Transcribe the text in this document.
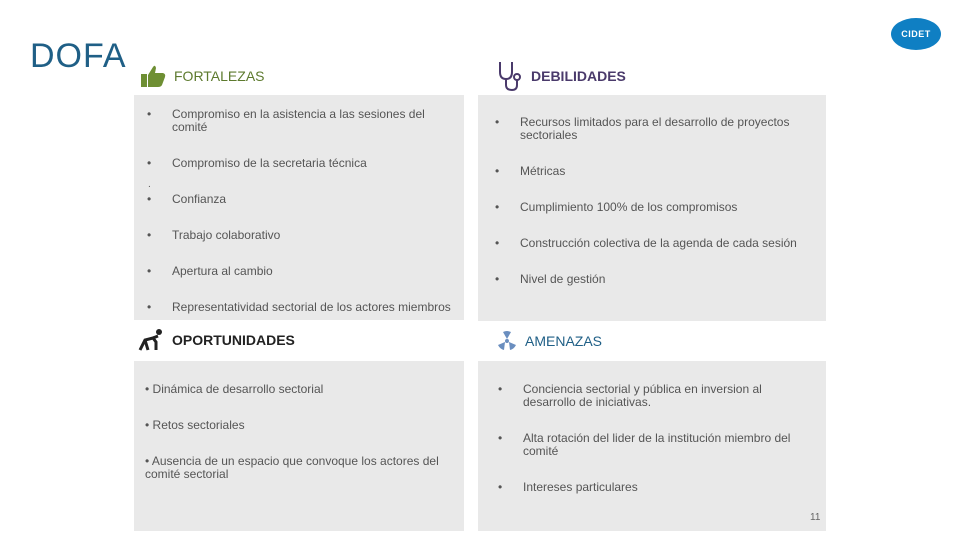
DOFA
CIDET
FORTALEZAS
• Compromiso en la asistencia a las sesiones del comité
• Compromiso de la secretaria técnica
• Confianza
• Trabajo colaborativo
• Apertura al cambio
• Representatividad sectorial de los actores miembros
.
DEBILIDADES
• Recursos limitados para el desarrollo de proyectos sectoriales
• Métricas
• Cumplimiento 100% de los compromisos
• Construcción colectiva de la agenda de cada sesión
• Nivel de gestión
OPORTUNIDADES
• Dinámica de desarrollo sectorial
• Retos sectoriales
• Ausencia de un espacio que convoque los actores del comité sectorial
AMENAZAS
• Conciencia sectorial y pública en inversion al desarrollo de iniciativas.
• Alta rotación del lider de la institución miembro del comité
• Intereses particulares
11
